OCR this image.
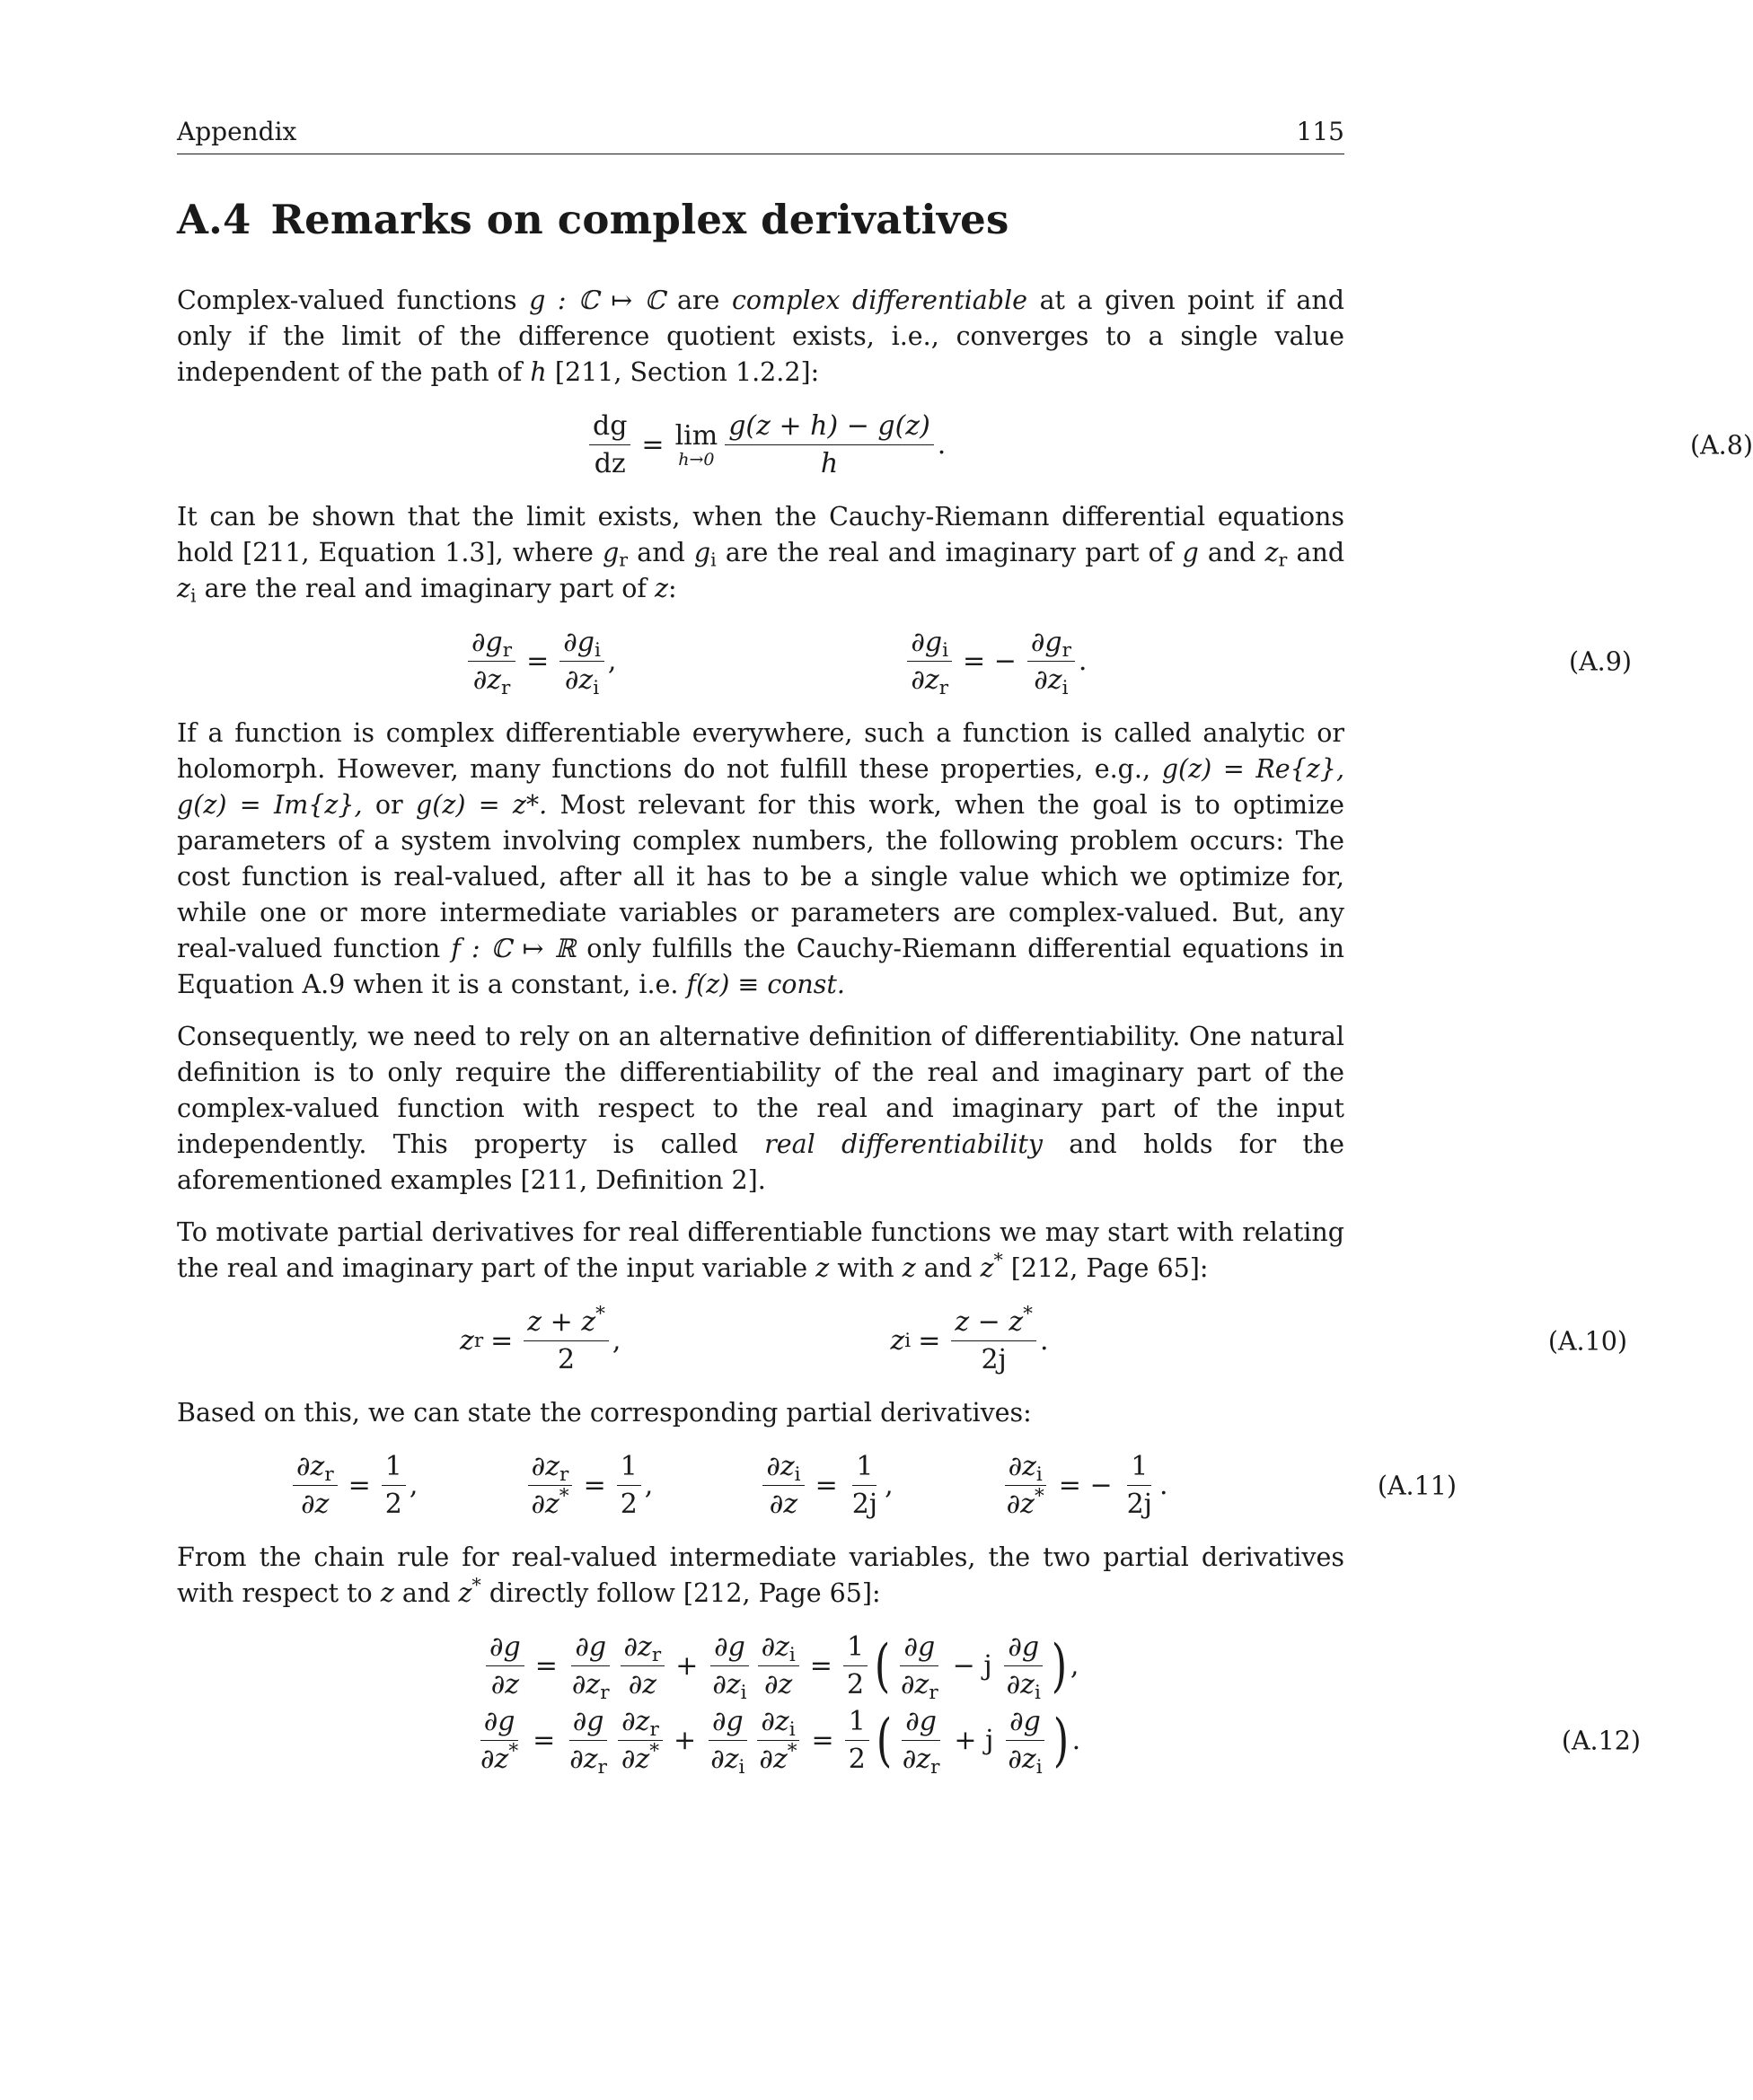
Appendix	115
A.4 Remarks on complex derivatives

Complex-valued functions g : ℂ ↦ ℂ are complex differentiable at a given point if and only if the limit of the difference quotient exists, i.e., converges to a single value independent of the path of h [211, Section 1.2.2]:

$\frac{dg}{dz} = \lim$
$h\to 0 \frac{g(z + h) - g(z)}{h}$ .	(A.8)

It can be shown that the limit exists, when the Cauchy-Riemann differential equations hold [211, Equation 1.3], where $g_r$ and $g_i$ are the real and imaginary part of g and $z_r$ and $z_i$ are the real and imaginary part of z:

$\frac{\partial g_r}{\partial z_r} = \frac{\partial g_i}{\partial z_i}$ ,	$\frac{\partial g_i}{\partial z_r}$ = − $\frac{\partial g_r}{\partial z_i}$ .	(A.9)

If a function is complex differentiable everywhere, such a function is called analytic or holomorph. However, many functions do not fulfill these properties, e.g., g(z) = Re{z}, g(z) = Im{z}, or g(z) = z*. Most relevant for this work, when the goal is to optimize parameters of a system involving complex numbers, the following problem occurs: The cost function is real-valued, after all it has to be a single value which we optimize for, while one or more intermediate variables or parameters are complex-valued. But, any real-valued function f : ℂ ↦ ℝ only fulfills the Cauchy-Riemann differential equations in Equation A.9 when it is a constant, i.e. f(z) ≡ const.

Consequently, we need to rely on an alternative definition of differentiability. One natural definition is to only require the differentiability of the real and imaginary part of the complex-valued function with respect to the real and imaginary part of the input independently. This property is called real differentiability and holds for the aforementioned examples [211, Definition 2].

To motivate partial derivatives for real differentiable functions we may start with relating the real and imaginary part of the input variable z with z and z* [212, Page 65]:

z $r = \frac{z + z^*}{2}$ ,	z $i = \frac{z - z^*}{2j}$ .	(A.10)

Based on this, we can state the corresponding partial derivatives:

$\frac{\partial z_r}{\partial z} = \frac{1}{2}$ ,	$\frac{\partial z_r}{\partial z^*} = \frac{1}{2}$ ,	$\frac{\partial z_i}{\partial z} = \frac{1}{2j}$ ,	$\frac{\partial z_i}{\partial z^*}$ = − $\frac{1}{2j}$ .	(A.11)

From the chain rule for real-valued intermediate variables, the two partial derivatives with respect to z and z* directly follow [212, Page 65]:

$\frac{\partial g}{\partial z} = \frac{\partial g}{\partial z_r} \frac{\partial z_r}{\partial z} + \frac{\partial g}{\partial z_i} \frac{\partial z_i}{\partial z} = \frac{1}{2}$ ( $\frac{\partial g}{\partial z_r} - j \frac{\partial g}{\partial z_i}$ ) ,
$\frac{\partial g}{\partial z^*} = \frac{\partial g}{\partial z_r} \frac{\partial z_r}{\partial z^*} + \frac{\partial g}{\partial z_i} \frac{\partial z_i}{\partial z^*} = \frac{1}{2}$ ( $\frac{\partial g}{\partial z_r} + j \frac{\partial g}{\partial z_i}$ ) .	(A.12)
